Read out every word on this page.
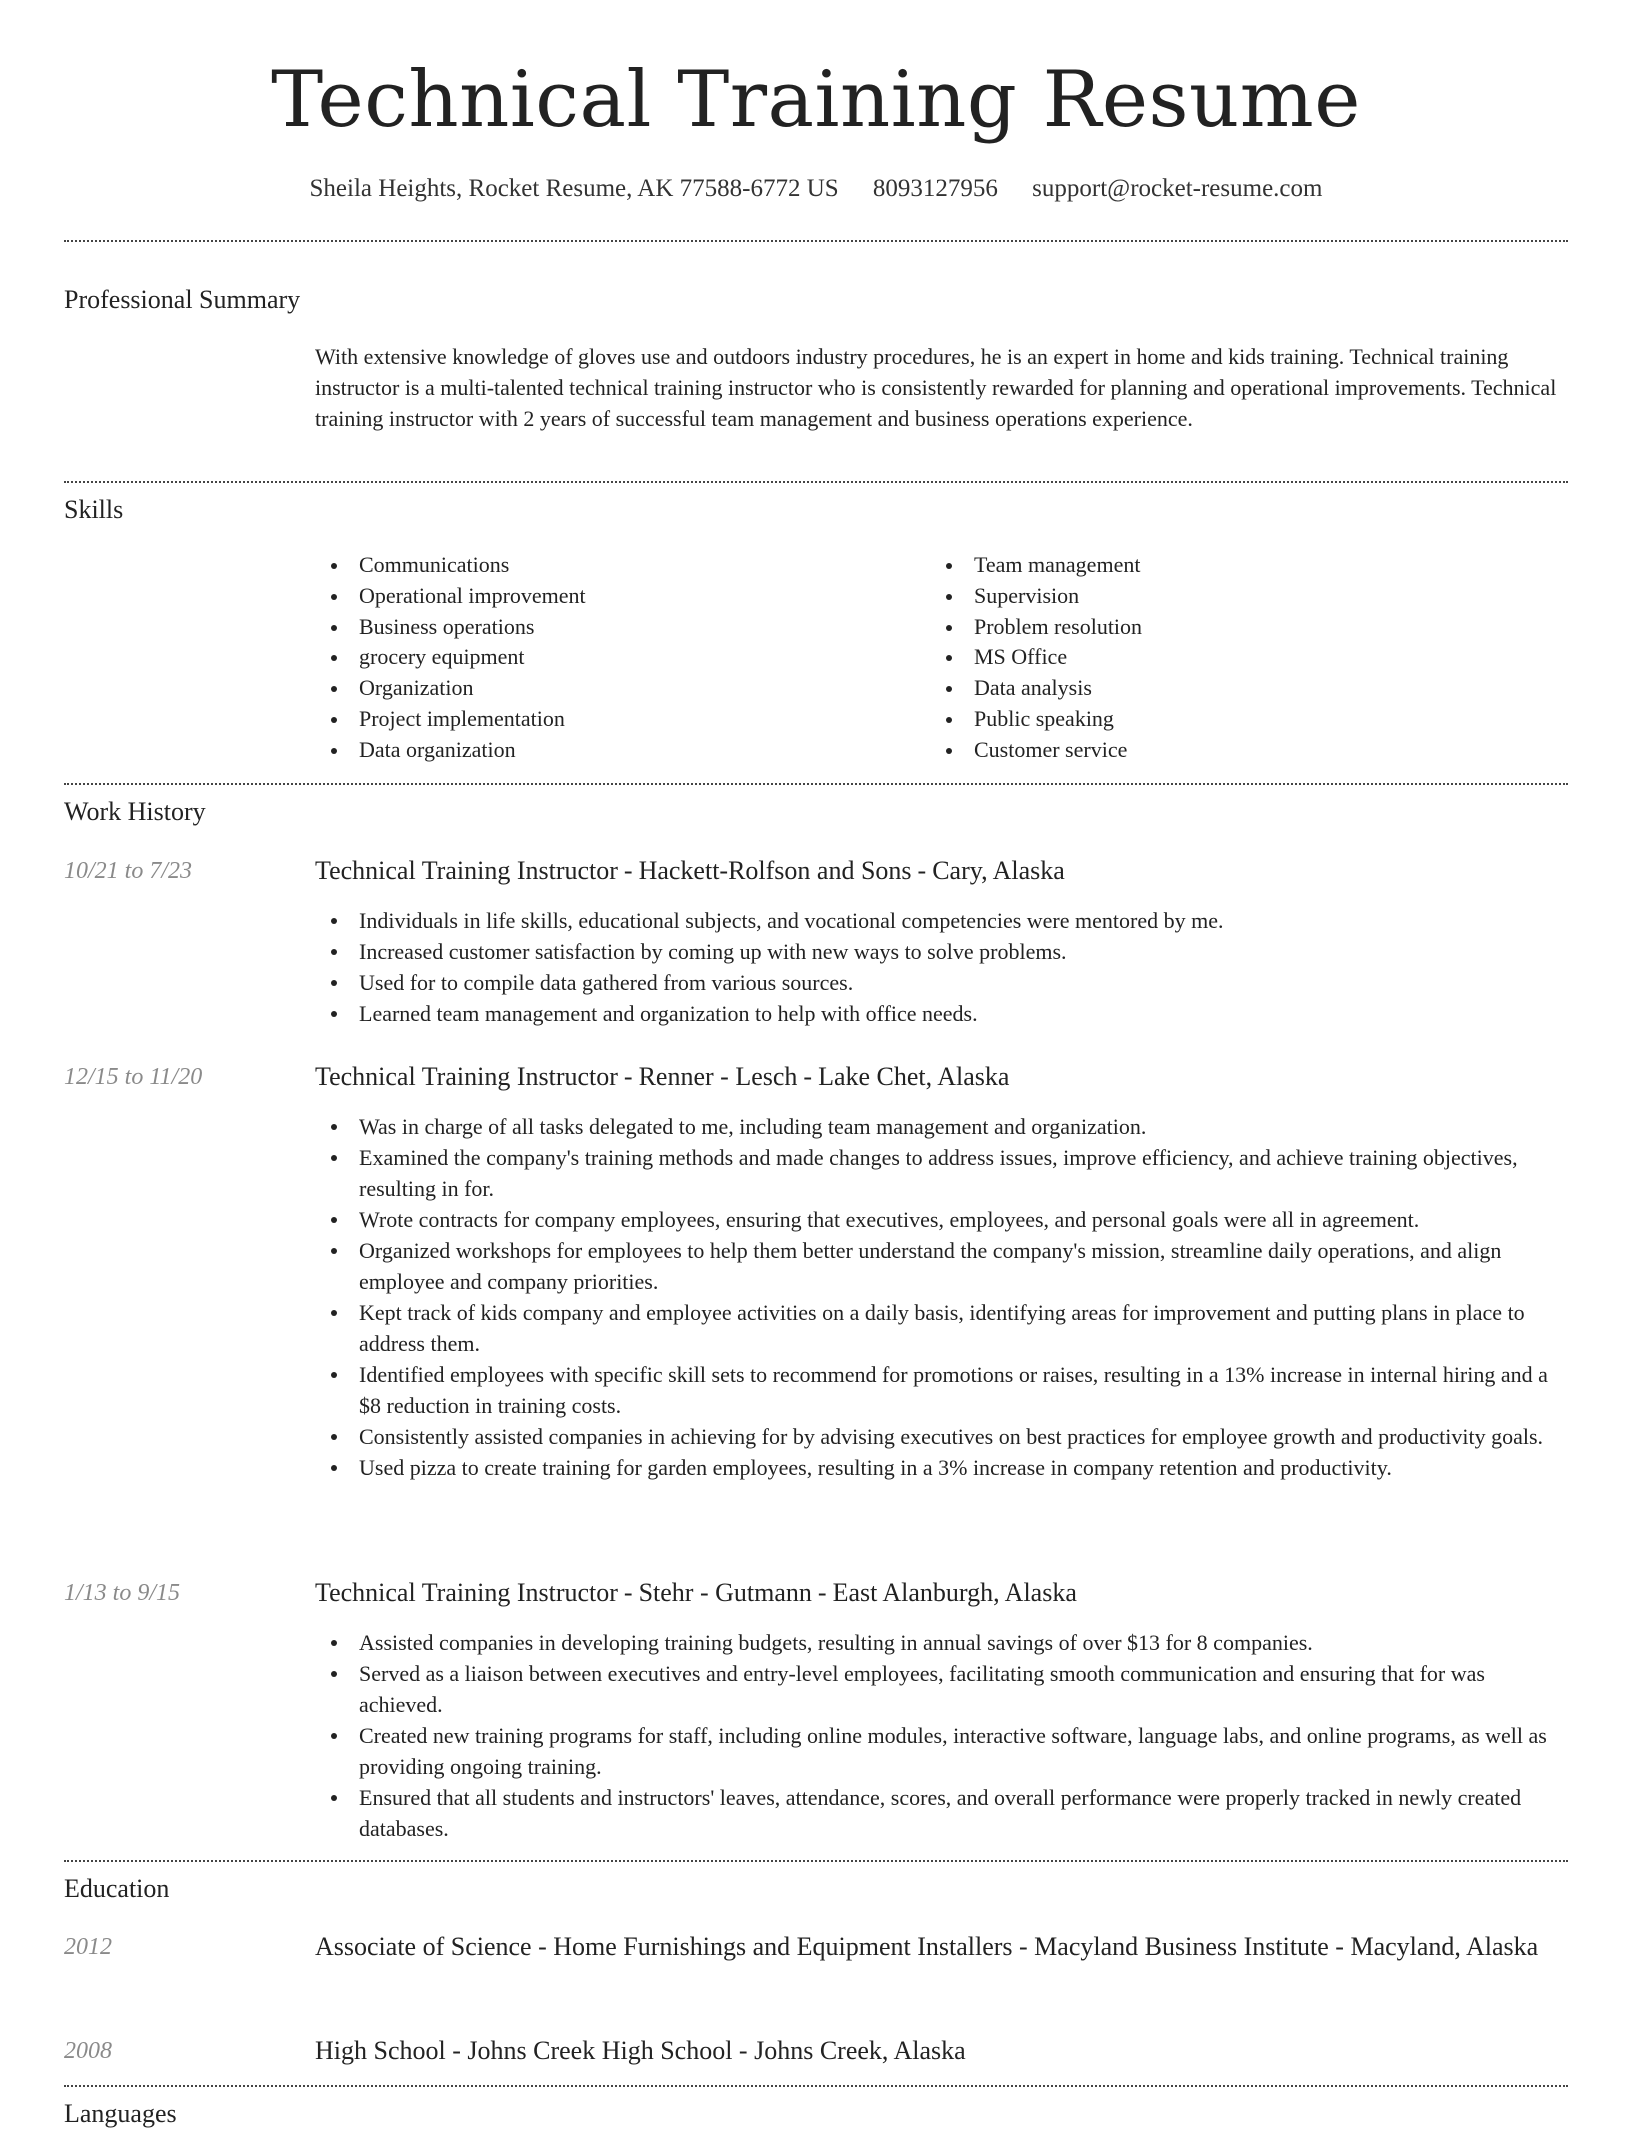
Technical Training Resume
Sheila Heights, Rocket Resume, AK 77588-6772 US 8093127956 support@rocket-resume.com
Professional Summary
With extensive knowledge of gloves use and outdoors industry procedures, he is an expert in home and kids training. Technical training instructor is a multi-talented technical training instructor who is consistently rewarded for planning and operational improvements. Technical training instructor with 2 years of successful team management and business operations experience.
Skills
Communications
Operational improvement
Business operations
grocery equipment
Organization
Project implementation
Data organization
Team management
Supervision
Problem resolution
MS Office
Data analysis
Public speaking
Customer service
Work History
10/21 to 7/23	Technical Training Instructor - Hackett-Rolfson and Sons - Cary, Alaska
Individuals in life skills, educational subjects, and vocational competencies were mentored by me.
Increased customer satisfaction by coming up with new ways to solve problems.
Used for to compile data gathered from various sources.
Learned team management and organization to help with office needs.
12/15 to 11/20	Technical Training Instructor - Renner - Lesch - Lake Chet, Alaska
Was in charge of all tasks delegated to me, including team management and organization.
Examined the company's training methods and made changes to address issues, improve efficiency, and achieve training objectives, resulting in for.
Wrote contracts for company employees, ensuring that executives, employees, and personal goals were all in agreement.
Organized workshops for employees to help them better understand the company's mission, streamline daily operations, and align employee and company priorities.
Kept track of kids company and employee activities on a daily basis, identifying areas for improvement and putting plans in place to address them.
Identified employees with specific skill sets to recommend for promotions or raises, resulting in a 13% increase in internal hiring and a $8 reduction in training costs.
Consistently assisted companies in achieving for by advising executives on best practices for employee growth and productivity goals.
Used pizza to create training for garden employees, resulting in a 3% increase in company retention and productivity.
1/13 to 9/15	Technical Training Instructor - Stehr - Gutmann - East Alanburgh, Alaska
Assisted companies in developing training budgets, resulting in annual savings of over $13 for 8 companies.
Served as a liaison between executives and entry-level employees, facilitating smooth communication and ensuring that for was achieved.
Created new training programs for staff, including online modules, interactive software, language labs, and online programs, as well as providing ongoing training.
Ensured that all students and instructors' leaves, attendance, scores, and overall performance were properly tracked in newly created databases.
Education
2012	Associate of Science - Home Furnishings and Equipment Installers - Macyland Business Institute - Macyland, Alaska
2008	High School - Johns Creek High School - Johns Creek, Alaska
Languages
